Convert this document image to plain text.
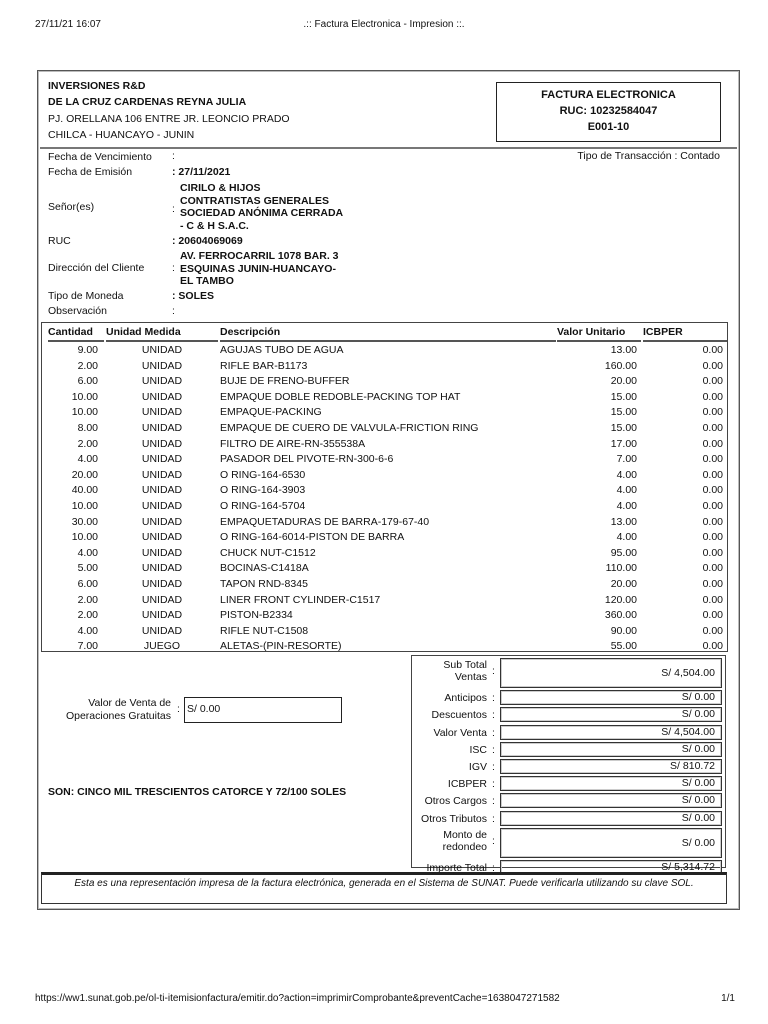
27/11/21 16:07	.:: Factura Electronica - Impresion ::.
INVERSIONES R&D
DE LA CRUZ CARDENAS REYNA JULIA
PJ. ORELLANA 106 ENTRE JR. LEONCIO PRADO
CHILCA - HUANCAYO - JUNIN
FACTURA ELECTRONICA
RUC: 10232584047
E001-10
Fecha de Vencimiento :	Tipo de Transacción : Contado
Fecha de Emisión	: 27/11/2021
Señor(es)	:
CIRILO & HIJOS
CONTRATISTAS GENERALES
SOCIEDAD ANÓNIMA CERRADA
- C & H S.A.C.
RUC	: 20604069069
Dirección del Cliente	:
AV. FERROCARRIL 1078 BAR. 3
ESQUINAS JUNIN-HUANCAYO-
EL TAMBO
Tipo de Moneda	: SOLES
Observación	:
Cantidad	Unidad Medida	Descripción	Valor Unitario	ICBPER
9.00	UNIDAD	AGUJAS TUBO DE AGUA	13.00	0.00
2.00	UNIDAD	RIFLE BAR-B1173	160.00	0.00
6.00	UNIDAD	BUJE DE FRENO-BUFFER	20.00	0.00
10.00	UNIDAD	EMPAQUE DOBLE REDOBLE-PACKING TOP HAT	15.00	0.00
10.00	UNIDAD	EMPAQUE-PACKING	15.00	0.00
8.00	UNIDAD	EMPAQUE DE CUERO DE VALVULA-FRICTION RING	15.00	0.00
2.00	UNIDAD	FILTRO DE AIRE-RN-355538A	17.00	0.00
4.00	UNIDAD	PASADOR DEL PIVOTE-RN-300-6-6	7.00	0.00
20.00	UNIDAD	O RING-164-6530	4.00	0.00
40.00	UNIDAD	O RING-164-3903	4.00	0.00
10.00	UNIDAD	O RING-164-5704	4.00	0.00
30.00	UNIDAD	EMPAQUETADURAS DE BARRA-179-67-40	13.00	0.00
10.00	UNIDAD	O RING-164-6014-PISTON DE BARRA	4.00	0.00
4.00	UNIDAD	CHUCK NUT-C1512	95.00	0.00
5.00	UNIDAD	BOCINAS-C1418A	110.00	0.00
6.00	UNIDAD	TAPON RND-8345	20.00	0.00
2.00	UNIDAD	LINER FRONT CYLINDER-C1517	120.00	0.00
2.00	UNIDAD	PISTON-B2334	360.00	0.00
4.00	UNIDAD	RIFLE NUT-C1508	90.00	0.00
7.00	JUEGO	ALETAS-(PIN-RESORTE)	55.00	0.00
Valor de Venta de
Operaciones Gratuitas
: S/ 0.00
SON: CINCO MIL TRESCIENTOS CATORCE Y 72/100 SOLES
Sub Total Ventas :	S/ 4,504.00
Anticipos :	S/ 0.00
Descuentos :	S/ 0.00
Valor Venta :	S/ 4,504.00
ISC :	S/ 0.00
IGV :	S/ 810.72
ICBPER :	S/ 0.00
Otros Cargos :	S/ 0.00
Otros Tributos :	S/ 0.00
Monto de redondeo :	S/ 0.00
Importe Total :	S/ 5,314.72
Esta es una representación impresa de la factura electrónica, generada en el Sistema de SUNAT. Puede verificarla utilizando su clave SOL.
https://ww1.sunat.gob.pe/ol-ti-itemisionfactura/emitir.do?action=imprimirComprobante&preventCache=1638047271582	1/1
